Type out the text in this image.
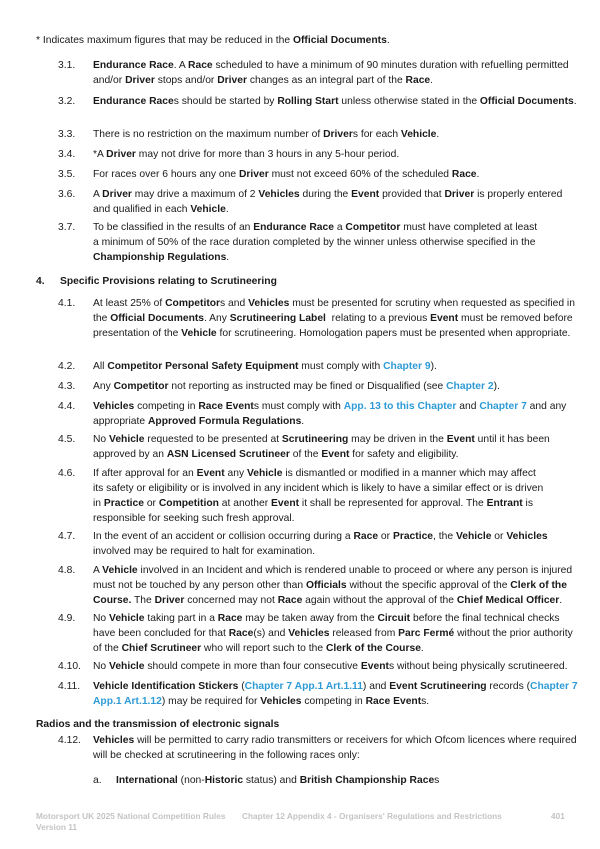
* Indicates maximum figures that may be reduced in the Official Documents.
3.1. Endurance Race. A Race scheduled to have a minimum of 90 minutes duration with refuelling permitted and/or Driver stops and/or Driver changes as an integral part of the Race.
3.2. Endurance Races should be started by Rolling Start unless otherwise stated in the Official Documents.
3.3. There is no restriction on the maximum number of Drivers for each Vehicle.
3.4. *A Driver may not drive for more than 3 hours in any 5-hour period.
3.5. For races over 6 hours any one Driver must not exceed 60% of the scheduled Race.
3.6. A Driver may drive a maximum of 2 Vehicles during the Event provided that Driver is properly entered and qualified in each Vehicle.
3.7. To be classified in the results of an Endurance Race a Competitor must have completed at least
a minimum of 50% of the race duration completed by the winner unless otherwise specified in the Championship Regulations.
4. Specific Provisions relating to Scrutineering
4.1. At least 25% of Competitors and Vehicles must be presented for scrutiny when requested as specified in the Official Documents. Any Scrutineering Label  relating to a previous Event must be removed before presentation of the Vehicle for scrutineering. Homologation papers must be presented when appropriate.
4.2. All Competitor Personal Safety Equipment must comply with Chapter 9).
4.3. Any Competitor not reporting as instructed may be fined or Disqualified (see Chapter 2).
4.4. Vehicles competing in Race Events must comply with App. 13 to this Chapter and Chapter 7 and any appropriate Approved Formula Regulations.
4.5. No Vehicle requested to be presented at Scrutineering may be driven in the Event until it has been approved by an ASN Licensed Scrutineer of the Event for safety and eligibility.
4.6. If after approval for an Event any Vehicle is dismantled or modified in a manner which may affect
its safety or eligibility or is involved in any incident which is likely to have a similar effect or is driven
in Practice or Competition at another Event it shall be represented for approval. The Entrant is responsible for seeking such fresh approval.
4.7. In the event of an accident or collision occurring during a Race or Practice, the Vehicle or Vehicles involved may be required to halt for examination.
4.8. A Vehicle involved in an Incident and which is rendered unable to proceed or where any person is injured must not be touched by any person other than Officials without the specific approval of the Clerk of the Course. The Driver concerned may not Race again without the approval of the Chief Medical Officer.
4.9. No Vehicle taking part in a Race may be taken away from the Circuit before the final technical checks have been concluded for that Race(s) and Vehicles released from Parc Fermé without the prior authority of the Chief Scrutineer who will report such to the Clerk of the Course.
4.10. No Vehicle should compete in more than four consecutive Events without being physically scrutineered.
4.11. Vehicle Identification Stickers (Chapter 7 App.1 Art.1.11) and Event Scrutineering records (Chapter 7 App.1 Art.1.12) may be required for Vehicles competing in Race Events.
Radios and the transmission of electronic signals
4.12. Vehicles will be permitted to carry radio transmitters or receivers for which Ofcom licences where required will be checked at scrutineering in the following races only:
a. International (non-Historic status) and British Championship Races
Motorsport UK 2025 National Competition Rules
Version 11
Chapter 12 Appendix 4 - Organisers' Regulations and Restrictions	401
